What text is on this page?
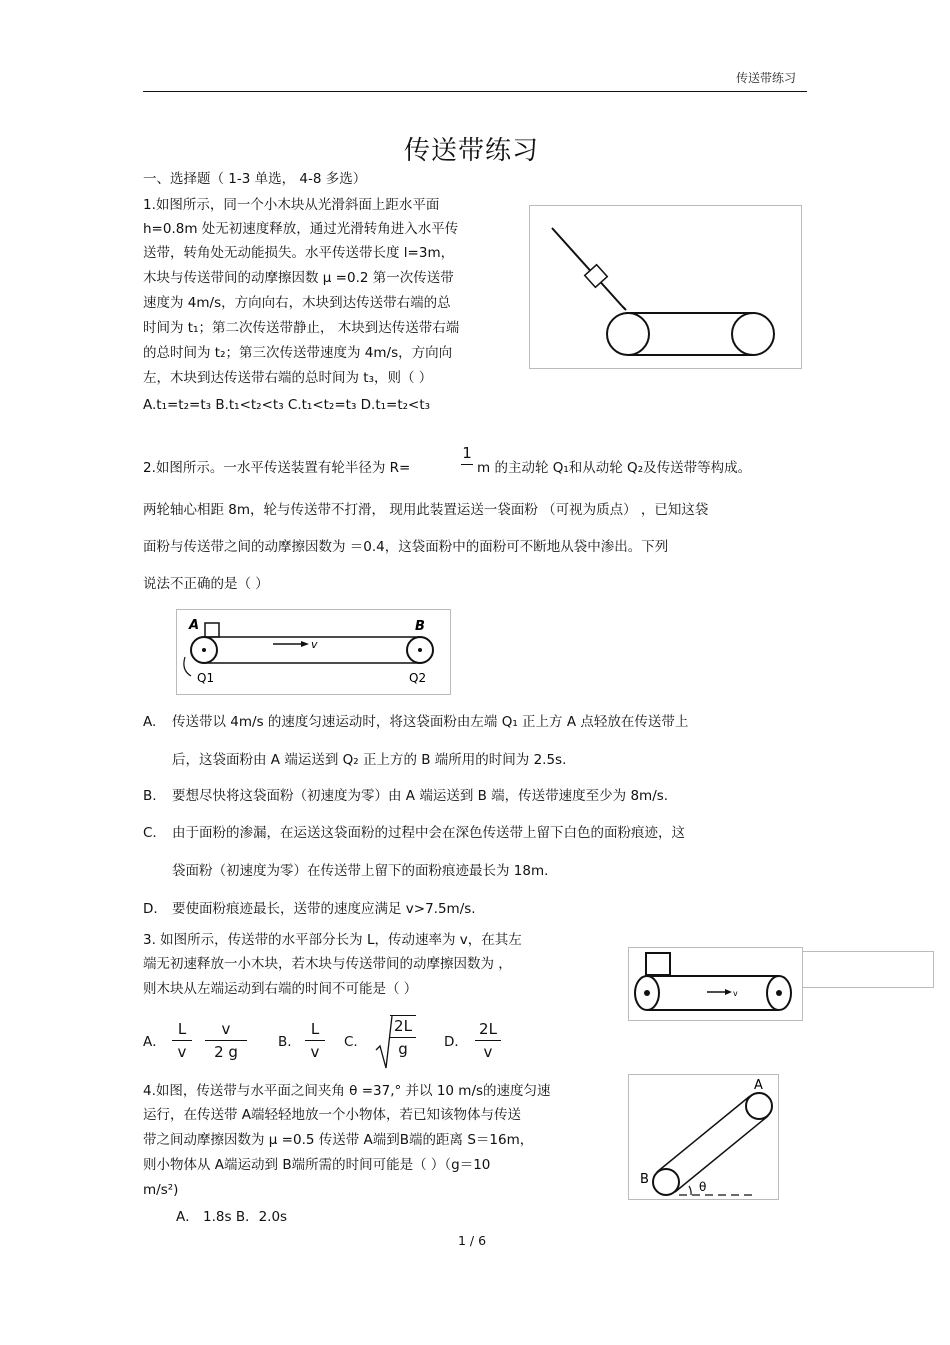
传送带练习
传送带练习
一、选择题（ 1-3 单选， 4-8 多选）
1.如图所示，同一个小木块从光滑斜面上距水平面
h=0.8m 处无初速度释放，通过光滑转角进入水平传
送带，转角处无动能损失。水平传送带长度 l=3m，
木块与传送带间的动摩擦因数 μ =0.2 第一次传送带
速度为 4m/s，方向向右，木块到达传送带右端的总
时间为 t₁；第二次传送带静止， 木块到达传送带右端
的总时间为 t₂；第三次传送带速度为 4m/s，方向向
左，木块到达传送带右端的总时间为 t₃，则（ ）
A.t₁=t₂=t₃ B.t₁<t₂<t₃ C.t₁<t₂=t₃ D.t₁=t₂<t₃
2.如图所示。一水平传送装置有轮半径为 R=
1
m 的主动轮 Q₁和从动轮 Q₂及传送带等构成。
两轮轴心相距 8m，轮与传送带不打滑， 现用此装置运送一袋面粉 （可视为质点） ，已知这袋
面粉与传送带之间的动摩擦因数为 ＝0.4，这袋面粉中的面粉可不断地从袋中渗出。下列
说法不正确的是（ ）
v
A	B
Q1	Q2
A. 传送带以 4m/s 的速度匀速运动时，将这袋面粉由左端 Q₁ 正上方 A 点轻放在传送带上
后，这袋面粉由 A 端运送到 Q₂ 正上方的 B 端所用的时间为 2.5s.
B. 要想尽快将这袋面粉（初速度为零）由 A 端运送到 B 端，传送带速度至少为 8m/s.
C. 由于面粉的渗漏，在运送这袋面粉的过程中会在深色传送带上留下白色的面粉痕迹，这
袋面粉（初速度为零）在传送带上留下的面粉痕迹最长为 18m.
D. 要使面粉痕迹最长，送带的速度应满足 v>7.5m/s.
3. 如图所示，传送带的水平部分长为 L，传动速率为 v，在其左
端无初速释放一小木块，若木块与传送带间的动摩擦因数为 ，
则木块从左端运动到右端的时间不可能是（ ）	v
A．
L
v
v
2 g
B.
L
v
C.
2L
g	D．
2L
v
4.如图，传送带与水平面之间夹角 θ =37,° 并以 10 m/s的速度匀速
运行，在传送带 A端轻轻地放一个小物体，若已知该物体与传送
带之间动摩擦因数为 μ =0.5 传送带 A端到B端的距离 S＝16m，
则小物体从 A端运动到 B端所需的时间可能是（ ）（g＝10
m/s²)
A． 1.8s B．2.0s
A
B	θ
1 / 6
